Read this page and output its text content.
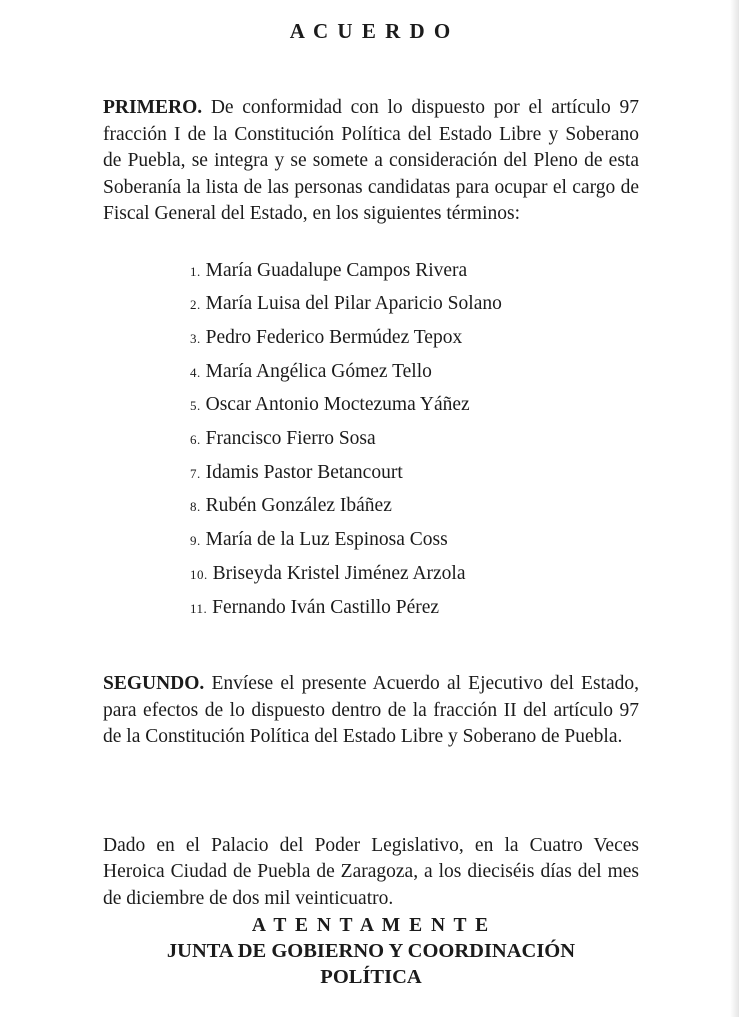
A C U E R D O

PRIMERO. De conformidad con lo dispuesto por el artículo 97 fracción I de la Constitución Política del Estado Libre y Soberano de Puebla, se integra y se somete a consideración del Pleno de esta Soberanía la lista de las personas candidatas para ocupar el cargo de Fiscal General del Estado, en los siguientes términos:

1. María Guadalupe Campos Rivera
2. María Luisa del Pilar Aparicio Solano
3. Pedro Federico Bermúdez Tepox
4. María Angélica Gómez Tello
5. Oscar Antonio Moctezuma Yáñez
6. Francisco Fierro Sosa
7. Idamis Pastor Betancourt
8. Rubén González Ibáñez
9. María de la Luz Espinosa Coss
10. Briseyda Kristel Jiménez Arzola
11. Fernando Iván Castillo Pérez

SEGUNDO. Envíese el presente Acuerdo al Ejecutivo del Estado, para efectos de lo dispuesto dentro de la fracción II del artículo 97 de la Constitución Política del Estado Libre y Soberano de Puebla.

Dado en el Palacio del Poder Legislativo, en la Cuatro Veces Heroica Ciudad de Puebla de Zaragoza, a los dieciséis días del mes de diciembre de dos mil veinticuatro.

A T E N T A M E N T E
JUNTA DE GOBIERNO Y COORDINACIÓN POLÍTICA
